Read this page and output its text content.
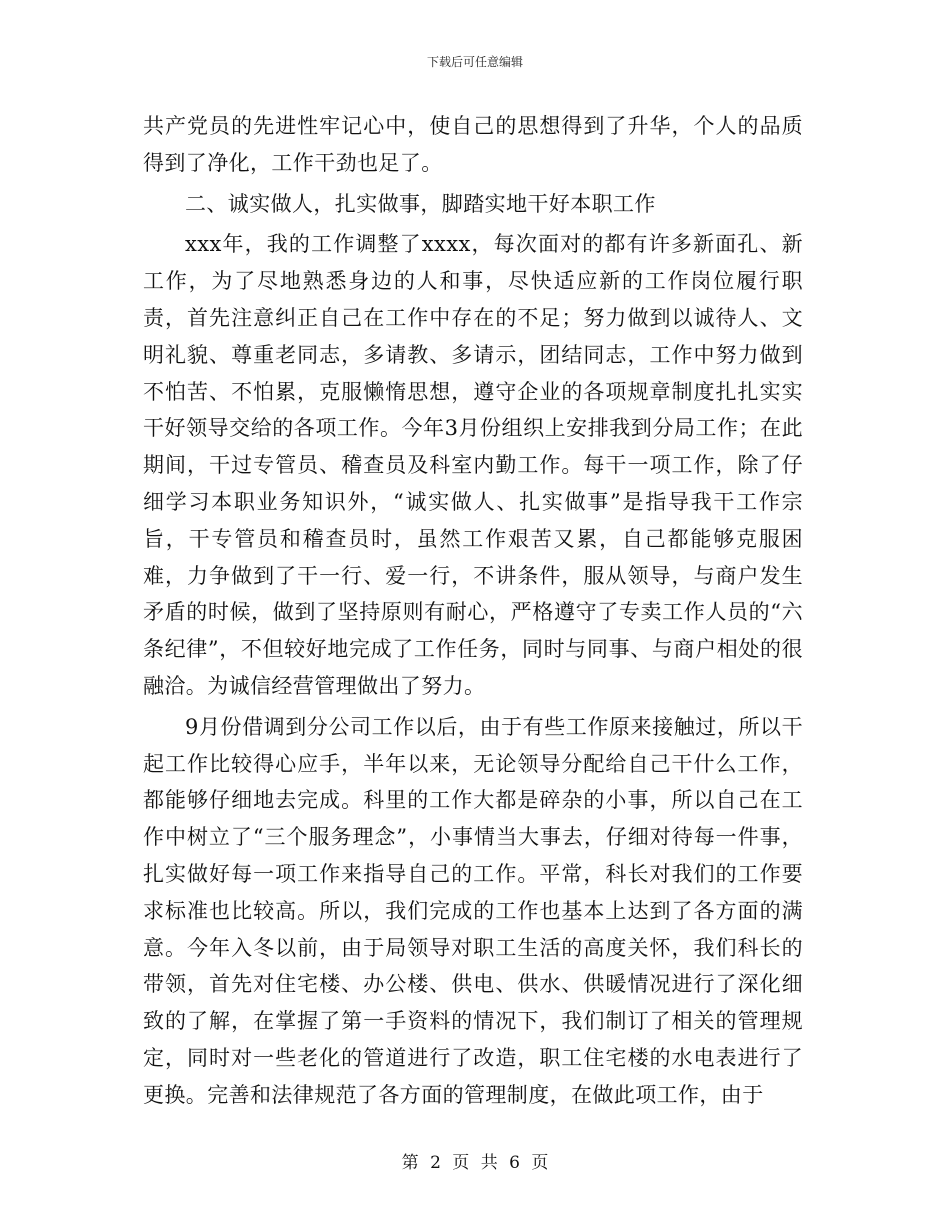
下载后可任意编辑

共产党员的先进性牢记心中，使自己的思想得到了升华，个人的品质得到了净化，工作干劲也足了。

二、诚实做人，扎实做事，脚踏实地干好本职工作

xxx年，我的工作调整了xxxx，每次面对的都有许多新面孔、新工作，为了尽地熟悉身边的人和事，尽快适应新的工作岗位履行职责，首先注意纠正自己在工作中存在的不足；努力做到以诚待人、文明礼貌、尊重老同志，多请教、多请示，团结同志，工作中努力做到不怕苦、不怕累，克服懒惰思想，遵守企业的各项规章制度扎扎实实干好领导交给的各项工作。今年3月份组织上安排我到分局工作；在此期间，干过专管员、稽查员及科室内勤工作。每干一项工作，除了仔细学习本职业务知识外，“诚实做人、扎实做事”是指导我干工作宗旨，干专管员和稽查员时，虽然工作艰苦又累，自己都能够克服困难，力争做到了干一行、爱一行，不讲条件，服从领导，与商户发生矛盾的时候，做到了坚持原则有耐心，严格遵守了专卖工作人员的“六条纪律”，不但较好地完成了工作任务，同时与同事、与商户相处的很融洽。为诚信经营管理做出了努力。

9月份借调到分公司工作以后，由于有些工作原来接触过，所以干起工作比较得心应手，半年以来，无论领导分配给自己干什么工作，都能够仔细地去完成。科里的工作大都是碎杂的小事，所以自己在工作中树立了“三个服务理念”，小事情当大事去，仔细对待每一件事，扎实做好每一项工作来指导自己的工作。平常，科长对我们的工作要求标准也比较高。所以，我们完成的工作也基本上达到了各方面的满意。今年入冬以前，由于局领导对职工生活的高度关怀，我们科长的带领，首先对住宅楼、办公楼、供电、供水、供暖情况进行了深化细致的了解，在掌握了第一手资料的情况下，我们制订了相关的管理规定，同时对一些老化的管道进行了改造，职工住宅楼的水电表进行了更换。完善和法律规范了各方面的管理制度，在做此项工作，由于

第 2 页 共 6 页
